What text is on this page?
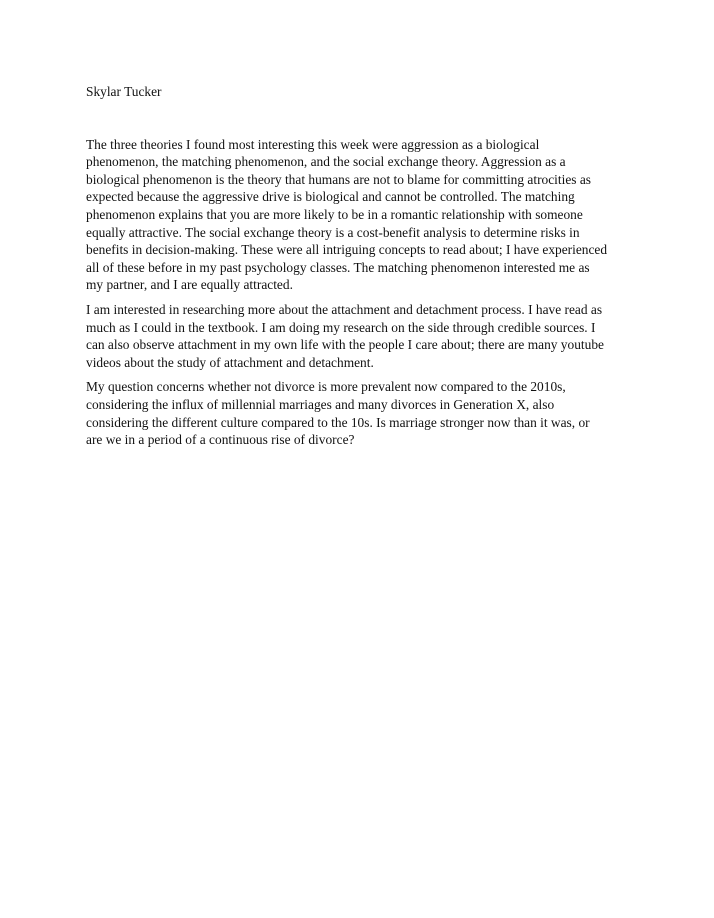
Skylar Tucker
The three theories I found most interesting this week were aggression as a biological
phenomenon, the matching phenomenon, and the social exchange theory. Aggression as a
biological phenomenon is the theory that humans are not to blame for committing atrocities as
expected because the aggressive drive is biological and cannot be controlled. The matching
phenomenon explains that you are more likely to be in a romantic relationship with someone
equally attractive. The social exchange theory is a cost-benefit analysis to determine risks in
benefits in decision-making. These were all intriguing concepts to read about; I have experienced
all of these before in my past psychology classes. The matching phenomenon interested me as
my partner, and I are equally attracted.
I am interested in researching more about the attachment and detachment process. I have read as
much as I could in the textbook. I am doing my research on the side through credible sources. I
can also observe attachment in my own life with the people I care about; there are many youtube
videos about the study of attachment and detachment.
My question concerns whether not divorce is more prevalent now compared to the 2010s,
considering the influx of millennial marriages and many divorces in Generation X, also
considering the different culture compared to the 10s. Is marriage stronger now than it was, or
are we in a period of a continuous rise of divorce?
